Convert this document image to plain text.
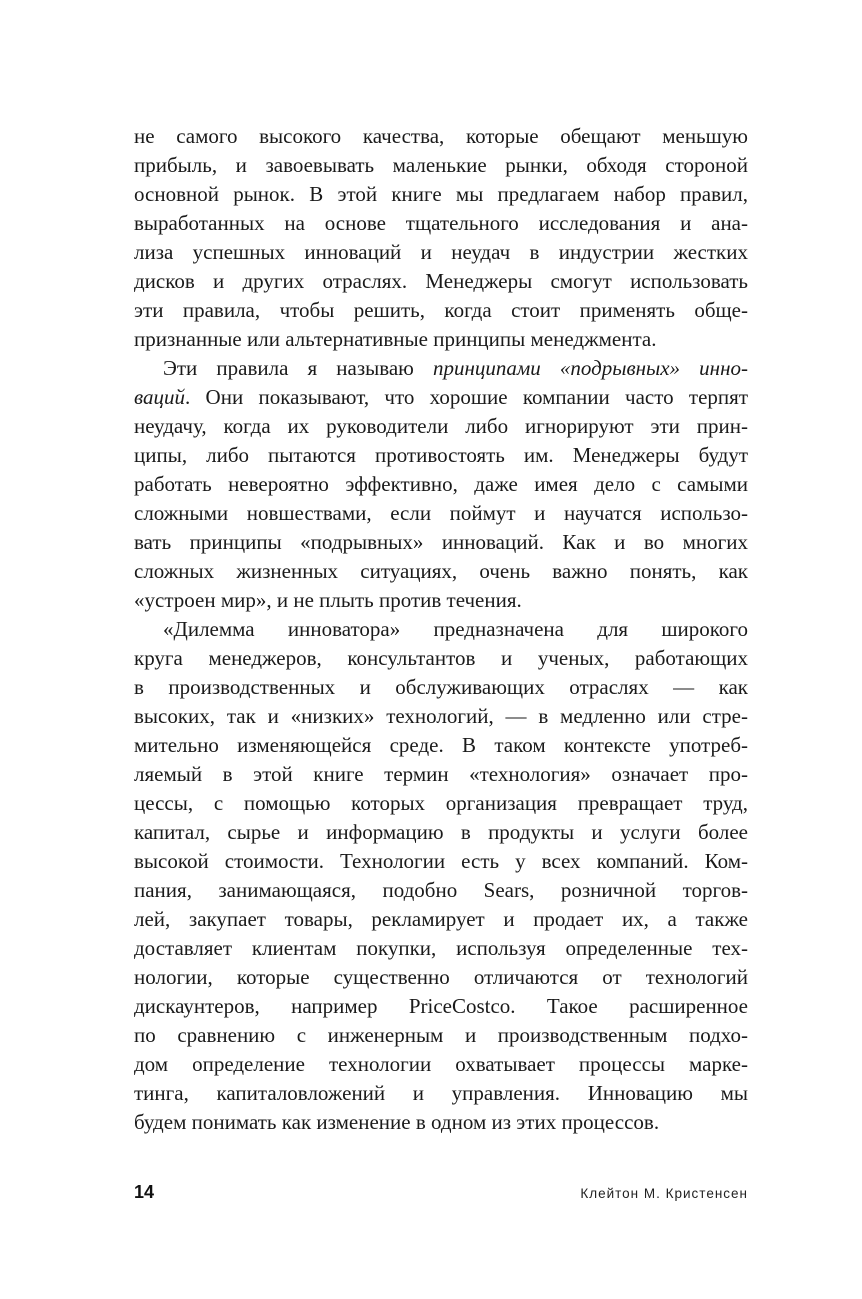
не самого высокого качества, которые обещают меньшую
прибыль, и завоевывать маленькие рынки, обходя стороной
основной рынок. В этой книге мы предлагаем набор правил,
выработанных на основе тщательного исследования и ана-
лиза успешных инноваций и неудач в индустрии жестких
дисков и других отраслях. Менеджеры смогут использовать
эти правила, чтобы решить, когда стоит применять обще-
признанные или альтернативные принципы менеджмента.
Эти правила я называю принципами «подрывных» инно-
ваций. Они показывают, что хорошие компании часто терпят
неудачу, когда их руководители либо игнорируют эти прин-
ципы, либо пытаются противостоять им. Менеджеры будут
работать невероятно эффективно, даже имея дело с самыми
сложными новшествами, если поймут и научатся использо-
вать принципы «подрывных» инноваций. Как и во многих
сложных жизненных ситуациях, очень важно понять, как
«устроен мир», и не плыть против течения.
«Дилемма инноватора» предназначена для широкого
круга менеджеров, консультантов и ученых, работающих
в производственных и обслуживающих отраслях — как
высоких, так и «низких» технологий, — в медленно или стре-
мительно изменяющейся среде. В таком контексте употреб-
ляемый в этой книге термин «технология» означает про-
цессы, с помощью которых организация превращает труд,
капитал, сырье и информацию в продукты и услуги более
высокой стоимости. Технологии есть у всех компаний. Ком-
пания, занимающаяся, подобно Sears, розничной торгов-
лей, закупает товары, рекламирует и продает их, а также
доставляет клиентам покупки, используя определенные тех-
нологии, которые существенно отличаются от технологий
дискаунтеров, например PriceCostco. Такое расширенное
по сравнению с инженерным и производственным подхо-
дом определение технологии охватывает процессы марке-
тинга, капиталовложений и управления. Инновацию мы
будем понимать как изменение в одном из этих процессов.
14	Клейтон М. Кристенсен
